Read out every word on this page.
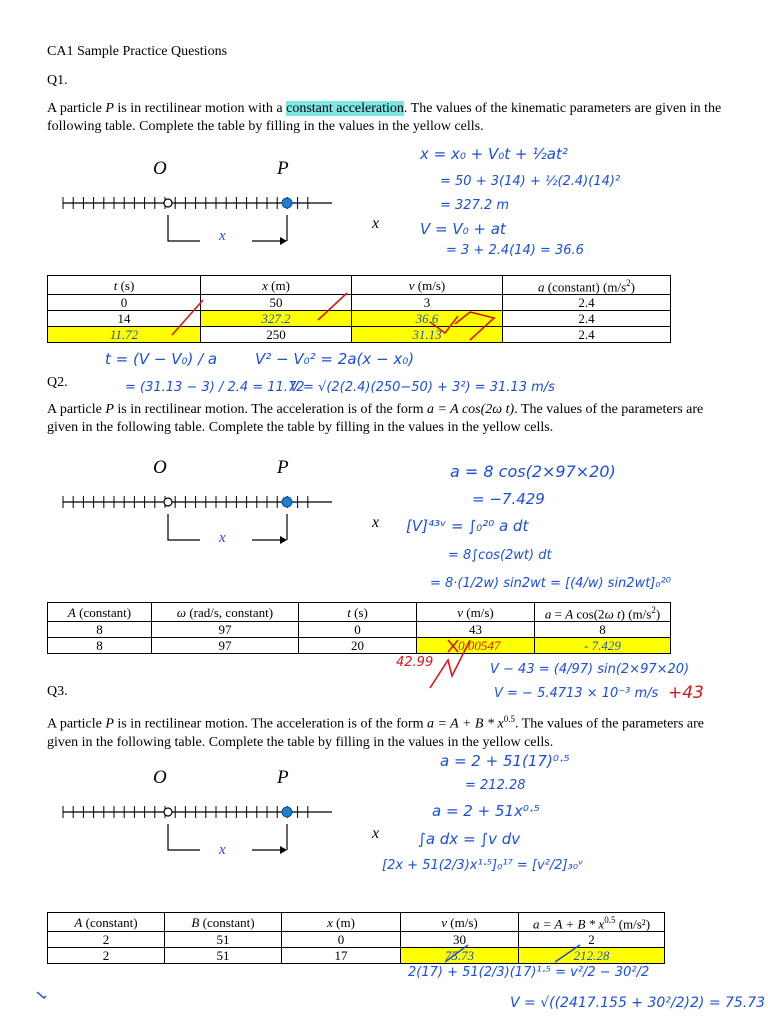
CA1 Sample Practice Questions
Q1.
A particle P is in rectilinear motion with a constant acceleration. The values of the kinematic parameters are given in the following table. Complete the table by filling in the values in the yellow cells.
O	P
x
x
x = x₀ + V₀t + ½at²
= 50 + 3(14) + ½(2.4)(14)²
= 327.2 m
V = V₀ + at
= 3 + 2.4(14) = 36.6
t (s)	x (m)	v (m/s)	a (constant) $(m/s^2)$
0	50	3	2.4
14	327.2	36.6	2.4
11.72	250	31.13	2.4
t = (V − V₀) / a
= (31.13 − 3) / 2.4 = 11.72
V² − V₀² = 2a(x − x₀)
V = √(2(2.4)(250−50) + 3²) = 31.13 m/s
Q2.
A particle P is in rectilinear motion. The acceleration is of the form a = A cos(2ω t). The values of the parameters are given in the following table. Complete the table by filling in the values in the yellow cells.
O	P
x
x
a = 8 cos(2×97×20)
= −7.429
[V]⁴³ᵛ = ∫₀²⁰ a dt
= 8∫cos(2wt) dt
= 8·(1/2w) sin2wt = [(4/w) sin2wt]₀²⁰
A (constant)	ω (rad/s, constant)	t (s)	v (m/s)	a = A cos(2ω t) $(m/s^2)$
8	97	0	43	8
8	97	20	- 0.00547	- 7.429
42.99	V − 43 = (4/97) sin(2×97×20)
V = − 5.4713 × 10⁻³ m/s +43
Q3.
A particle P is in rectilinear motion. The acceleration is of the form $a = A + B * x^{0.5}$. The values of the parameters are given in the following table. Complete the table by filling in the values in the yellow cells.
O	P
x
x
a = 2 + 51(17)⁰·⁵
= 212.28
a = 2 + 51x⁰·⁵
∫a dx = ∫v dv
[2x + 51(2/3)x¹·⁵]₀¹⁷ = [v²/2]₃₀ᵛ
A (constant)	B (constant)	x (m)	v (m/s)	$a = A + B * x^{0.5}$ (m/s²)
2	51	0	30	2
2	51	17	75.73	212.28
2(17) + 51(2/3)(17)¹·⁵ = v²/2 − 30²/2
V = √((2417.155 + 30²/2)2) = 75.73
